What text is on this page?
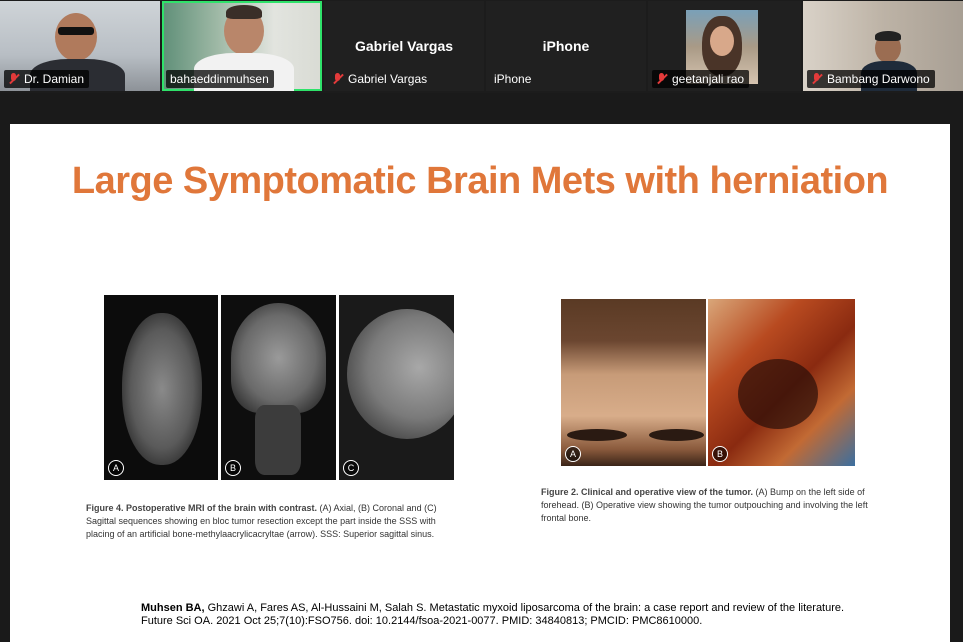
Dr. Damian	bahaeddinmuhsen
Gabriel Vargas
Gabriel Vargas
iPhone
iPhone	geetanjali rao	Bambang Darwono
Large Symptomatic Brain Mets with herniation
A	B	C
Figure 4. Postoperative MRI of the brain with contrast. (A) Axial, (B) Coronal and (C) Sagittal sequences showing en bloc tumor resection except the part inside the SSS with placing of an artificial bone-methylaacrylicacryltae (arrow). SSS: Superior sagittal sinus.
A	B
Figure 2. Clinical and operative view of the tumor. (A) Bump on the left side of forehead. (B) Operative view showing the tumor outpouching and involving the left frontal bone.
Muhsen BA, Ghzawi A, Fares AS, Al-Hussaini M, Salah S. Metastatic myxoid liposarcoma of the brain: a case report and review of the literature. Future Sci OA. 2021 Oct 25;7(10):FSO756. doi: 10.2144/fsoa-2021-0077. PMID: 34840813; PMCID: PMC8610000.
